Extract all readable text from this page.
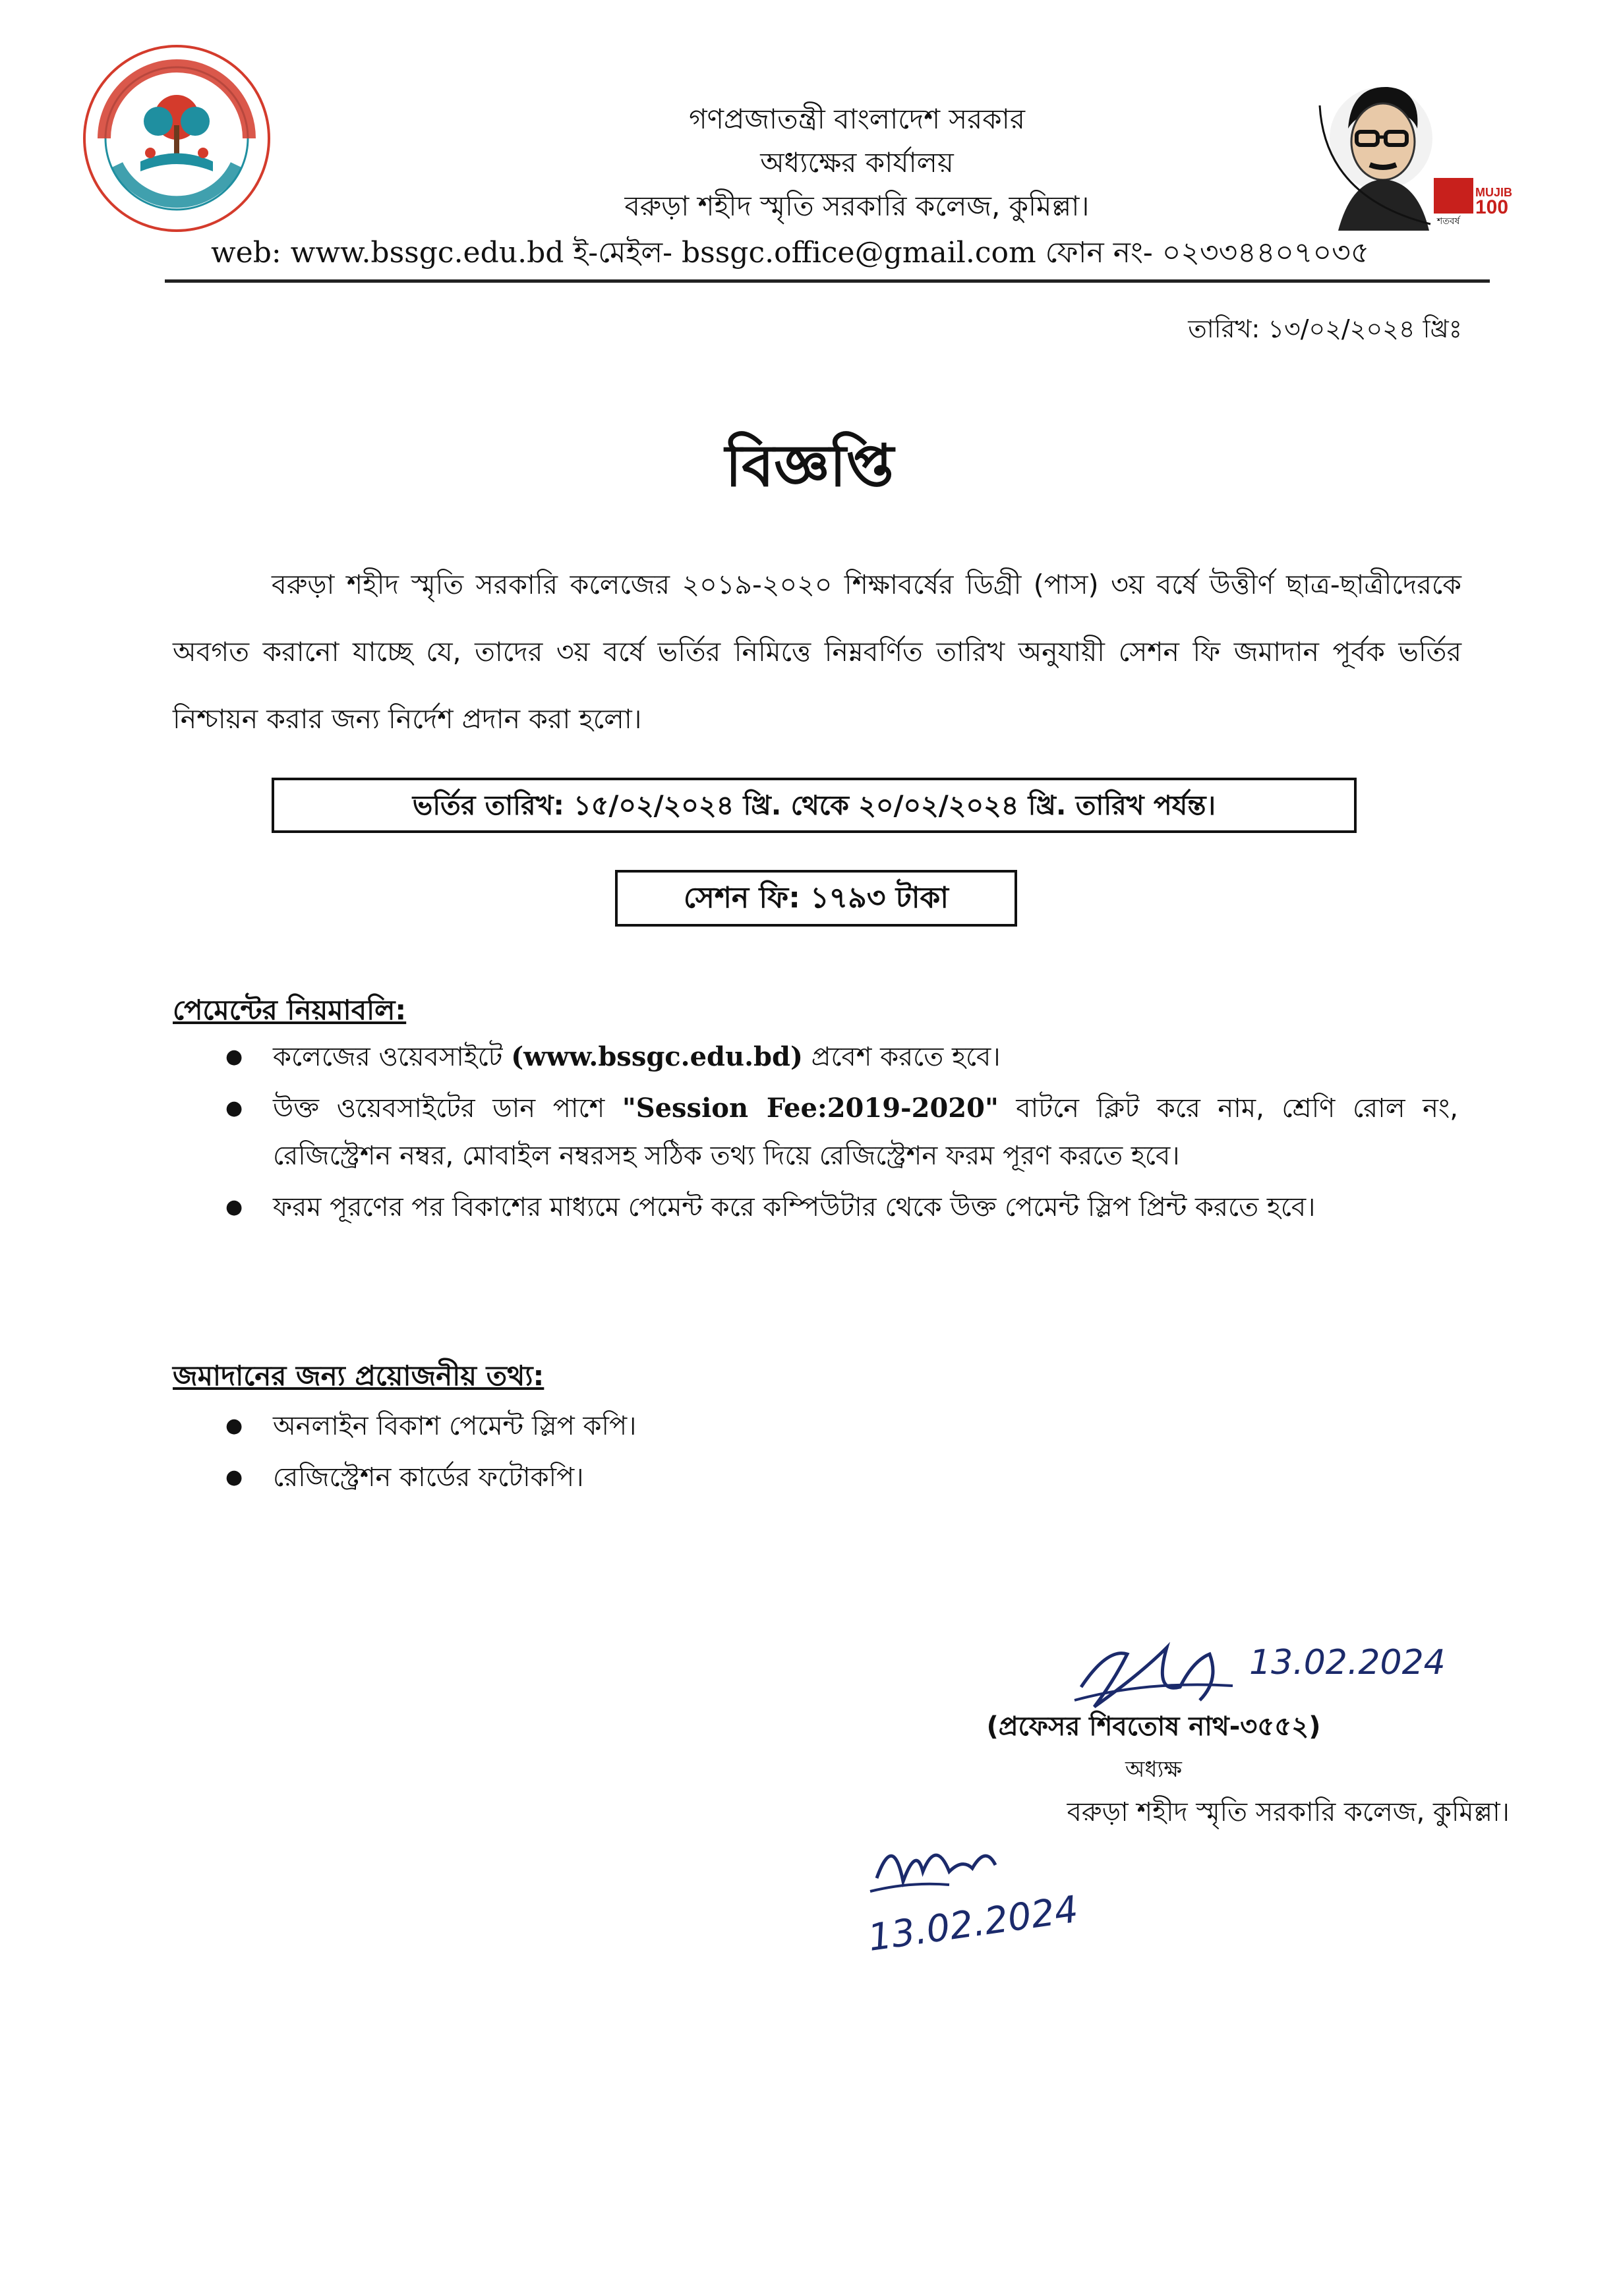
গণপ্রজাতন্ত্রী বাংলাদেশ সরকার
অধ্যক্ষের কার্যালয়
বরুড়া শহীদ স্মৃতি সরকারি কলেজ, কুমিল্লা।	MUJIB
100
শতবর্ষ
web: www.bssgc.edu.bd ই-মেইল- bssgc.office@gmail.com ফোন নং- ০২৩৩৪৪০৭০৩৫
তারিখ: ১৩/০২/২০২৪ খ্রিঃ
বিজ্ঞপ্তি
বরুড়া শহীদ স্মৃতি সরকারি কলেজের ২০১৯-২০২০ শিক্ষাবর্ষের ডিগ্রী (পাস) ৩য় বর্ষে উত্তীর্ণ ছাত্র-ছাত্রীদেরকে অবগত করানো যাচ্ছে যে, তাদের ৩য় বর্ষে ভর্তির নিমিত্তে নিম্নবর্ণিত তারিখ অনুযায়ী সেশন ফি জমাদান পূর্বক ভর্তির নিশ্চায়ন করার জন্য নির্দেশ প্রদান করা হলো।
ভর্তির তারিখ: ১৫/০২/২০২৪ খ্রি. থেকে ২০/০২/২০২৪ খ্রি. তারিখ পর্যন্ত।
সেশন ফি: ১৭৯৩ টাকা
পেমেন্টের নিয়মাবলি:
● কলেজের ওয়েবসাইটে (www.bssgc.edu.bd) প্রবেশ করতে হবে।
● উক্ত ওয়েবসাইটের ডান পাশে "Session Fee:2019-2020" বাটনে ক্লিট করে নাম, শ্রেণি রোল নং, রেজিস্ট্রেশন নম্বর, মোবাইল নম্বরসহ সঠিক তথ্য দিয়ে রেজিস্ট্রেশন ফরম পূরণ করতে হবে।
● ফরম পূরণের পর বিকাশের মাধ্যমে পেমেন্ট করে কম্পিউটার থেকে উক্ত পেমেন্ট স্লিপ প্রিন্ট করতে হবে।
জমাদানের জন্য প্রয়োজনীয় তথ্য:
● অনলাইন বিকাশ পেমেন্ট স্লিপ কপি।
● রেজিস্ট্রেশন কার্ডের ফটোকপি।
13.02.2024
(প্রফেসর শিবতোষ নাথ-৩৫৫২)
অধ্যক্ষ
বরুড়া শহীদ স্মৃতি সরকারি কলেজ, কুমিল্লা।
13.02.2024
